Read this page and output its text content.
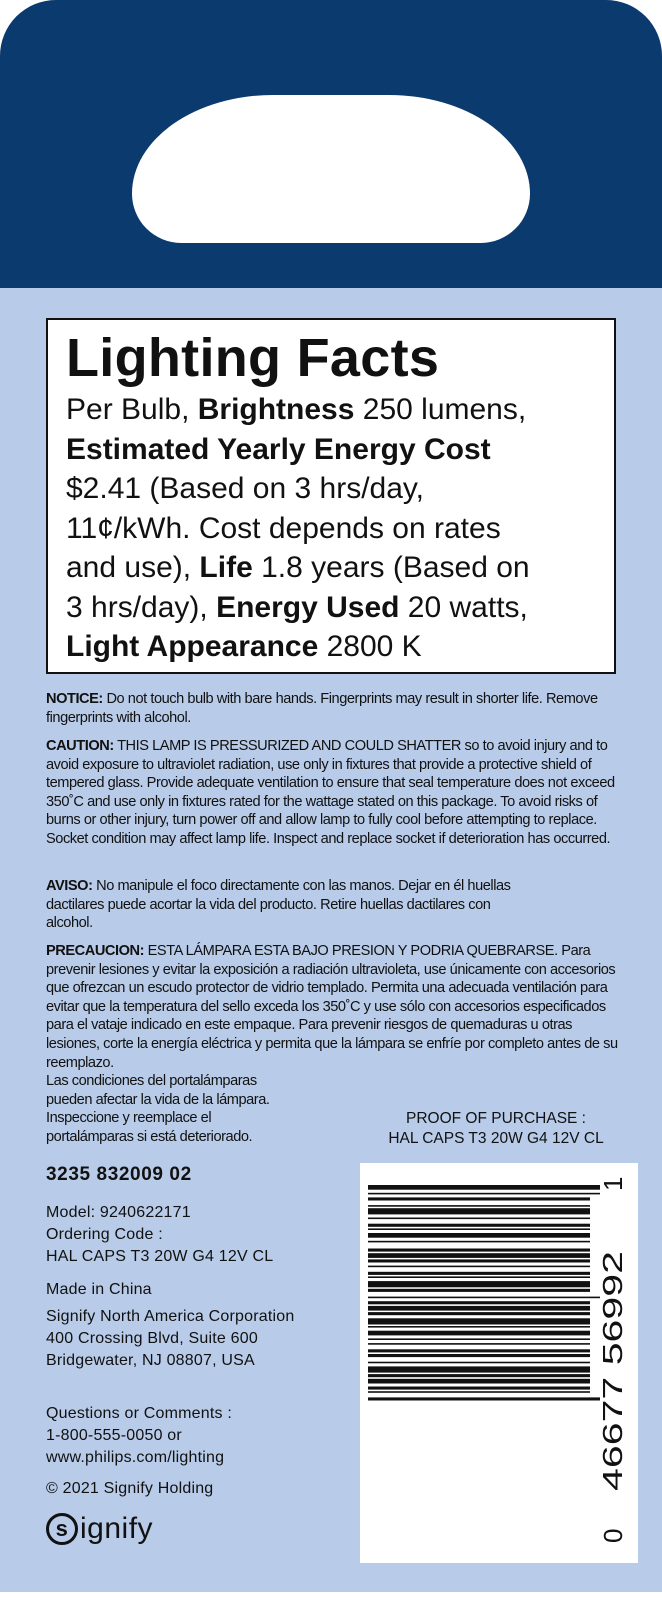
Lighting Facts

Per Bulb, Brightness 250 lumens,
Estimated Yearly Energy Cost
$2.41 (Based on 3 hrs/day,
11¢/kWh. Cost depends on rates
and use), Life 1.8 years (Based on
3 hrs/day), Energy Used 20 watts,
Light Appearance 2800 K

NOTICE: Do not touch bulb with bare hands. Fingerprints may result in shorter life. Remove fingerprints with alcohol.
CAUTION: THIS LAMP IS PRESSURIZED AND COULD SHATTER so to avoid injury and to avoid exposure to ultraviolet radiation, use only in fixtures that provide a protective shield of tempered glass. Provide adequate ventilation to ensure that seal temperature does not exceed 350˚C and use only in fixtures rated for the wattage stated on this package. To avoid risks of burns or other injury, turn power off and allow lamp to fully cool before attempting to replace. Socket condition may affect lamp life. Inspect and replace socket if deterioration has occurred.
AVISO: No manipule el foco directamente con las manos. Dejar en él huellas dactilares puede acortar la vida del producto. Retire huellas dactilares con alcohol.
PRECAUCION: ESTA LÁMPARA ESTA BAJO PRESION Y PODRIA QUEBRARSE. Para prevenir lesiones y evitar la exposición a radiación ultravioleta, use únicamente con accesorios que ofrezcan un escudo protector de vidrio templado. Permita una adecuada ventilación para evitar que la temperatura del sello exceda los 350˚C y use sólo con accesorios especificados para el vataje indicado en este empaque. Para prevenir riesgos de quemaduras u otras lesiones, corte la energía eléctrica y permita que la lámpara se enfríe por completo antes de su reemplazo.
Las condiciones del portalámparas
pueden afectar la vida de la lámpara.
Inspeccione y reemplace el
portalámparas si está deteriorado.
PROOF OF PURCHASE :
HAL CAPS T3 20W G4 12V CL
3235 832009 02
Model: 9240622171
Ordering Code :
HAL CAPS T3 20W G4 12V CL
Made in China
Signify North America Corporation
400 Crossing Blvd, Suite 600
Bridgewater, NJ 08807, USA
Questions or Comments :
1-800-555-0050 or
www.philips.com/lighting
© 2021 Signify Holding
s ignify	0
46677 56992
1
